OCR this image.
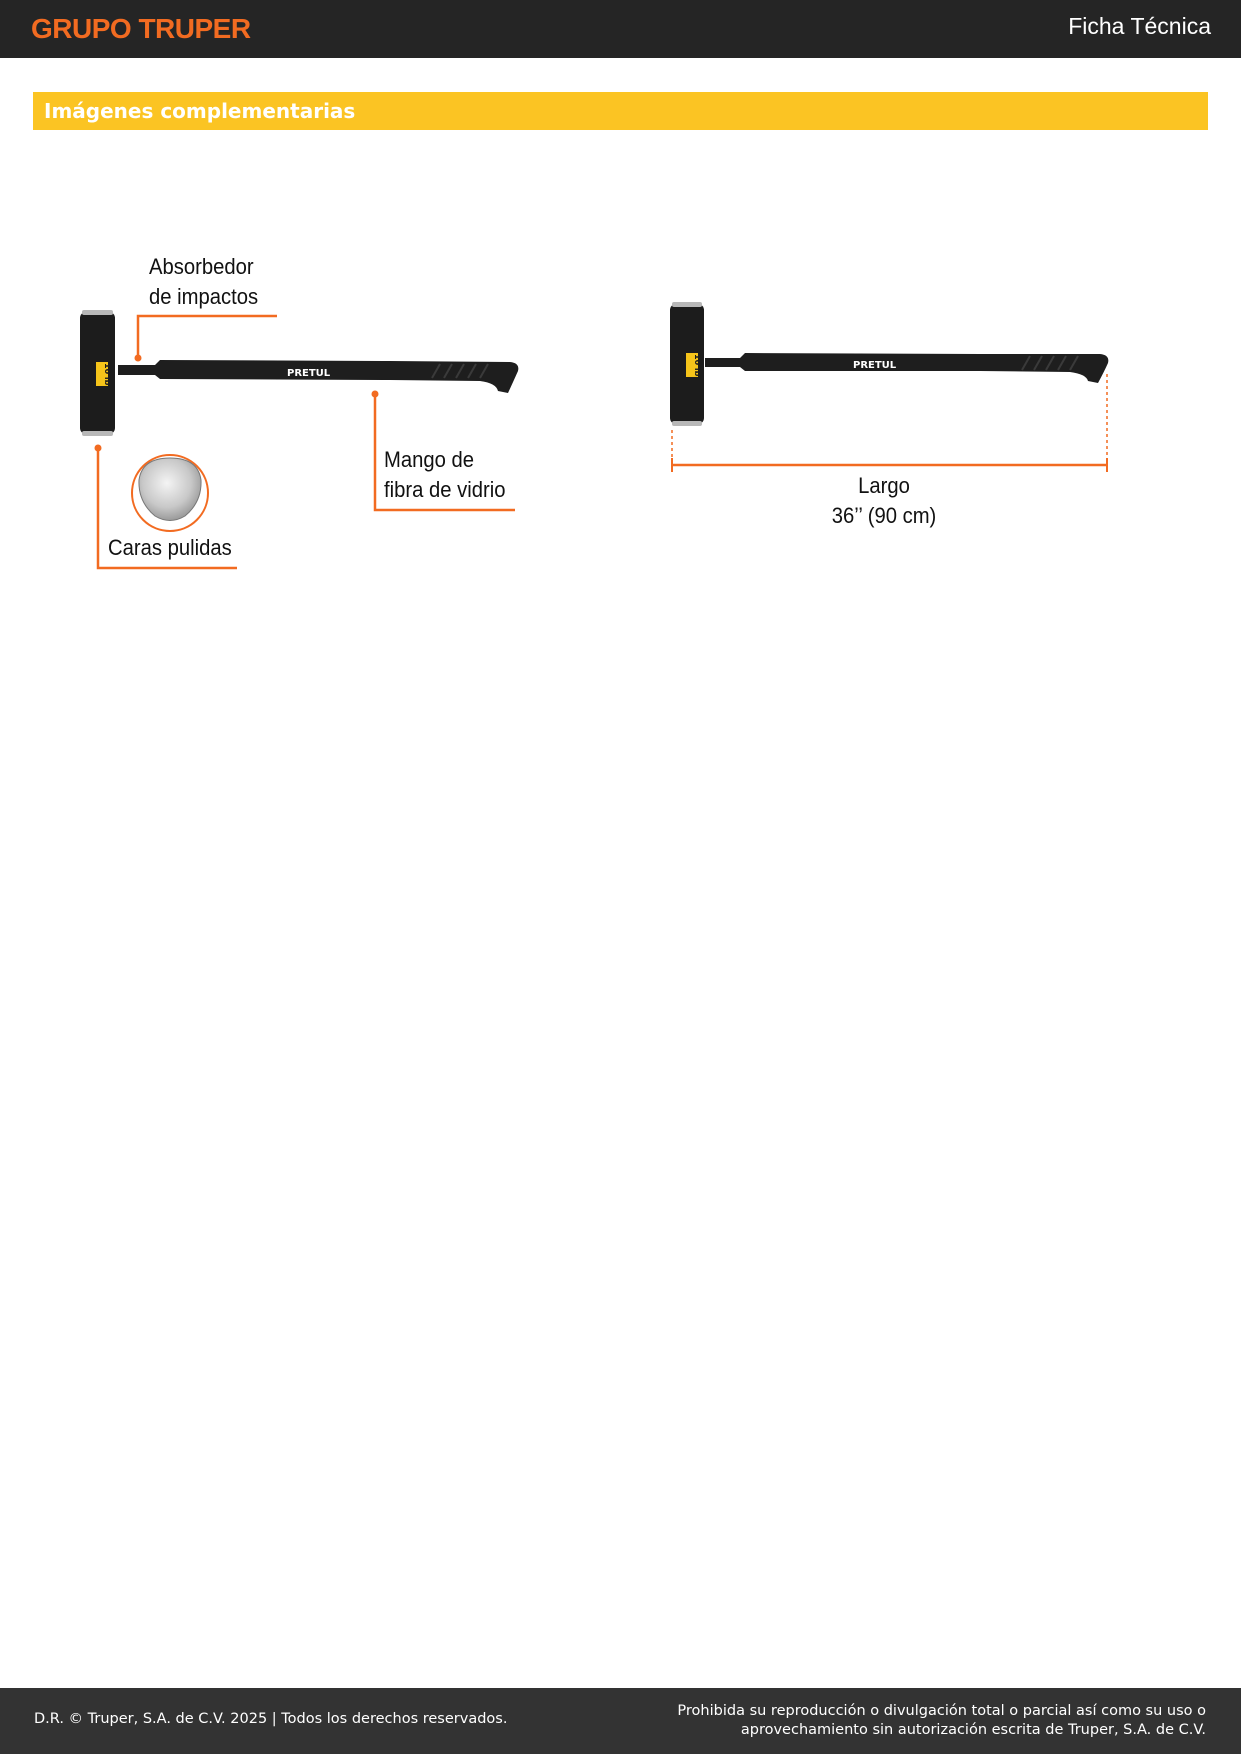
GRUPO TRUPER	Ficha Técnica
Imágenes complementarias
PRETUL
10 lb
Absorbedor
de impactos
Mango de
fibra de vidrio
Caras pulidas
PRETUL
10 lb
Largo
36’’ (90 cm)
D.R. © Truper, S.A. de C.V. 2025 | Todos los derechos reservados.	Prohibida su reproducción o divulgación total o parcial así como su uso o
aprovechamiento sin autorización escrita de Truper, S.A. de C.V.
